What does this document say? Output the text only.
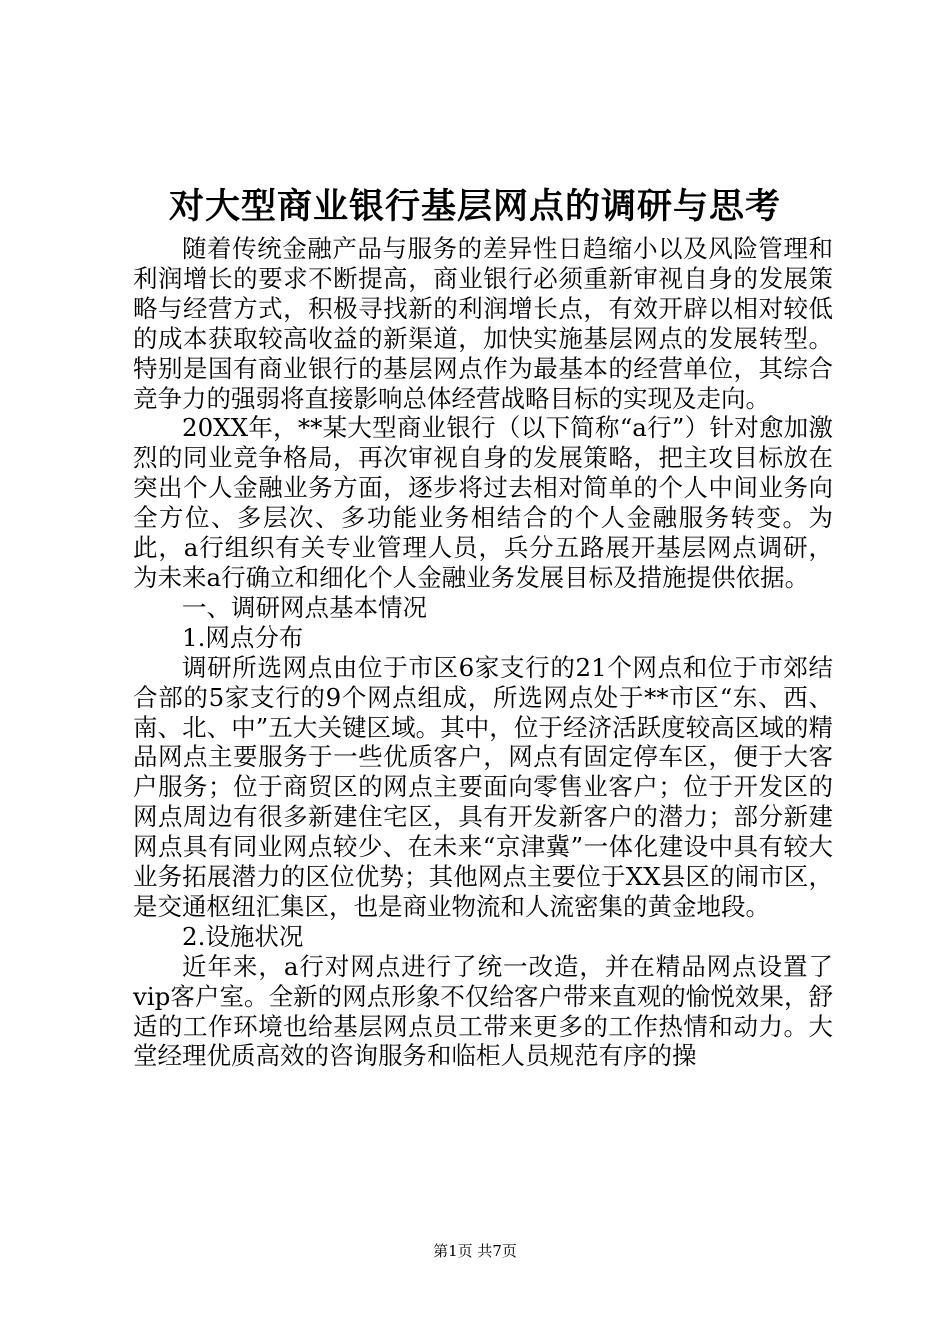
对大型商业银行基层网点的调研与思考

随着传统金融产品与服务的差异性日趋缩小以及风险管理和利润增长的要求不断提高，商业银行必须重新审视自身的发展策略与经营方式，积极寻找新的利润增长点，有效开辟以相对较低的成本获取较高收益的新渠道，加快实施基层网点的发展转型。特别是国有商业银行的基层网点作为最基本的经营单位，其综合竞争力的强弱将直接影响总体经营战略目标的实现及走向。

20XX年，**某大型商业银行（以下简称“a行”）针对愈加激烈的同业竞争格局，再次审视自身的发展策略，把主攻目标放在突出个人金融业务方面，逐步将过去相对简单的个人中间业务向全方位、多层次、多功能业务相结合的个人金融服务转变。为此，a行组织有关专业管理人员，兵分五路展开基层网点调研，为未来a行确立和细化个人金融业务发展目标及措施提供依据。

一、调研网点基本情况

1.网点分布

调研所选网点由位于市区6家支行的21个网点和位于市郊结合部的5家支行的9个网点组成，所选网点处于**市区“东、西、南、北、中”五大关键区域。其中，位于经济活跃度较高区域的精品网点主要服务于一些优质客户，网点有固定停车区，便于大客户服务；位于商贸区的网点主要面向零售业客户；位于开发区的网点周边有很多新建住宅区，具有开发新客户的潜力；部分新建网点具有同业网点较少、在未来“京津冀”一体化建设中具有较大业务拓展潜力的区位优势；其他网点主要位于XX县区的闹市区，是交通枢纽汇集区，也是商业物流和人流密集的黄金地段。

2.设施状况

近年来，a行对网点进行了统一改造，并在精品网点设置了vip客户室。全新的网点形象不仅给客户带来直观的愉悦效果，舒适的工作环境也给基层网点员工带来更多的工作热情和动力。大堂经理优质高效的咨询服务和临柜人员规范有序的操

第1页 共7页
